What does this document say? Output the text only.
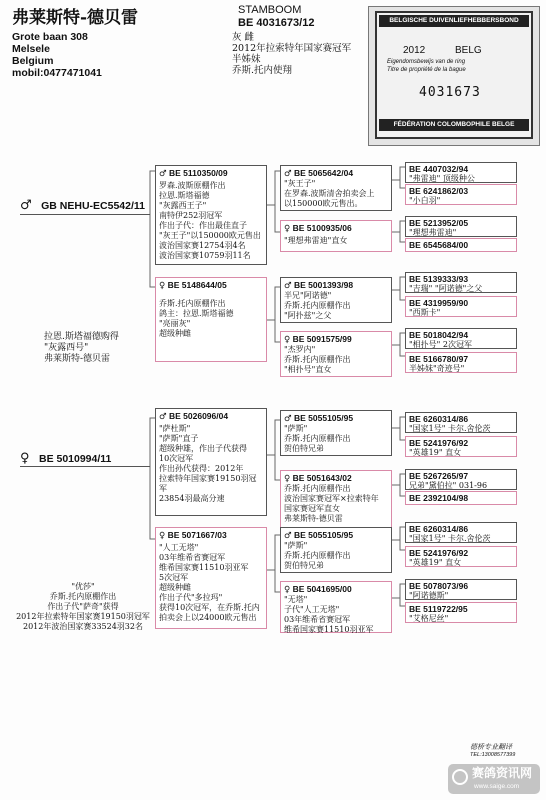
弗莱斯特-德贝雷
Grote baan 308
Melsele
Belgium
mobil:0477471041
STAMBOOM
BE 4031673/12
灰 雌
2012年拉索特年国家赛冠军
半姊妹
乔斯.托内使翔
BELGISCHE DUIVENLIEFHEBBERSBOND
2012	BELG
Eigendomsbewijs van de ring
Titre de propriété de la bague
4031673
FÉDÉRATION COLOMBOPHILE BELGE
♂ GB NEHU-EC5542/11
拉恩.斯塔福德购得
"灰露西号"
弗莱斯特-德贝雷
♀ BE 5010994/11
"优莎"
乔斯.托内原棚作出
作出子代"萨奇"获得
2012年拉索特年国家赛19150羽冠军
2012年波治国家赛33524羽32名
♂ BE 5110350/09
罗森.波斯原棚作出
拉恩.斯塔福德
"灰露西王子"
南特伊252羽冠军
作出子代：作出最佳直子
"灰王子"以150000欧元售出
波治国家赛12754羽4名
波治国家赛10759羽11名
♀ BE 5148644/05
乔斯.托内原棚作出
鸽主：拉恩.斯塔福德
"亮丽灰"
超级种雌
♂ BE 5026096/04
"萨杜斯"
"萨斯"直子
超级种雄，作出子代获得
10次冠军
作出孙代获得：2012年
拉索特年国家赛19150羽冠军
23854羽最高分速
♀ BE 5071667/03
"人工无塔"
03年维希省赛冠军
维希国家赛11510羽亚军
5次冠军
超级种雌
作出子代"多拉玛"
获得10次冠军，在乔斯.托内
拍卖会上以24000欧元售出
♂ BE 5065642/04
"灰王子"
在罗森.波斯清舍拍卖会上
以150000欧元售出。
♀ BE 5100935/06
"理想弗雷迪"直女
♂ BE 5001393/98
半兄"阿诺德"
乔斯.托内原棚作出
"阿扑兹"之父
♀ BE 5091575/99
"杰罗内"
乔斯.托内原棚作出
"相扑号"直女
♂ BE 5055105/95
"萨斯"
乔斯.托内原棚作出
贺伯特兄弟
♀ BE 5051643/02
乔斯.托内原棚作出
波治国家赛冠军×拉索特年
国家赛冠军直女
弗莱斯特-德贝雷
♂ BE 5055105/95
"萨斯"
乔斯.托内原棚作出
贺伯特兄弟
♀ BE 5041695/00
"无塔"
子代"人工无塔"
03年维希省赛冠军
维希国家赛11510羽亚军
BE 4407032/94
"弗雷迪" 顶级种公
BE 6241862/03
"小白羽"
BE 5213952/05
"理想弗雷迪"
BE 6545684/00
BE 5139333/93
"吉瑞" "阿诺德"之父
BE 4319959/90
"西斯卡"
BE 5018042/94
"相扑号" 2次冠军
BE 5166780/97
半姊妹"奇迹号"
BE 6260314/86
"国家1号" 卡尔.舍伦茨
BE 5241976/92
"英雄19" 直女
BE 5267265/97
兄弟"黛伯拉" 031-96
BE 2392104/98
BE 6260314/86
"国家1号" 卡尔.舍伦茨
BE 5241976/92
"英雄19" 直女
BE 5078073/96
"阿诺德斯"
BE 5119722/95
"艾格尼丝"
德桥专业翻译
TEL:13008577399
赛鸽资讯网
www.saige.com
